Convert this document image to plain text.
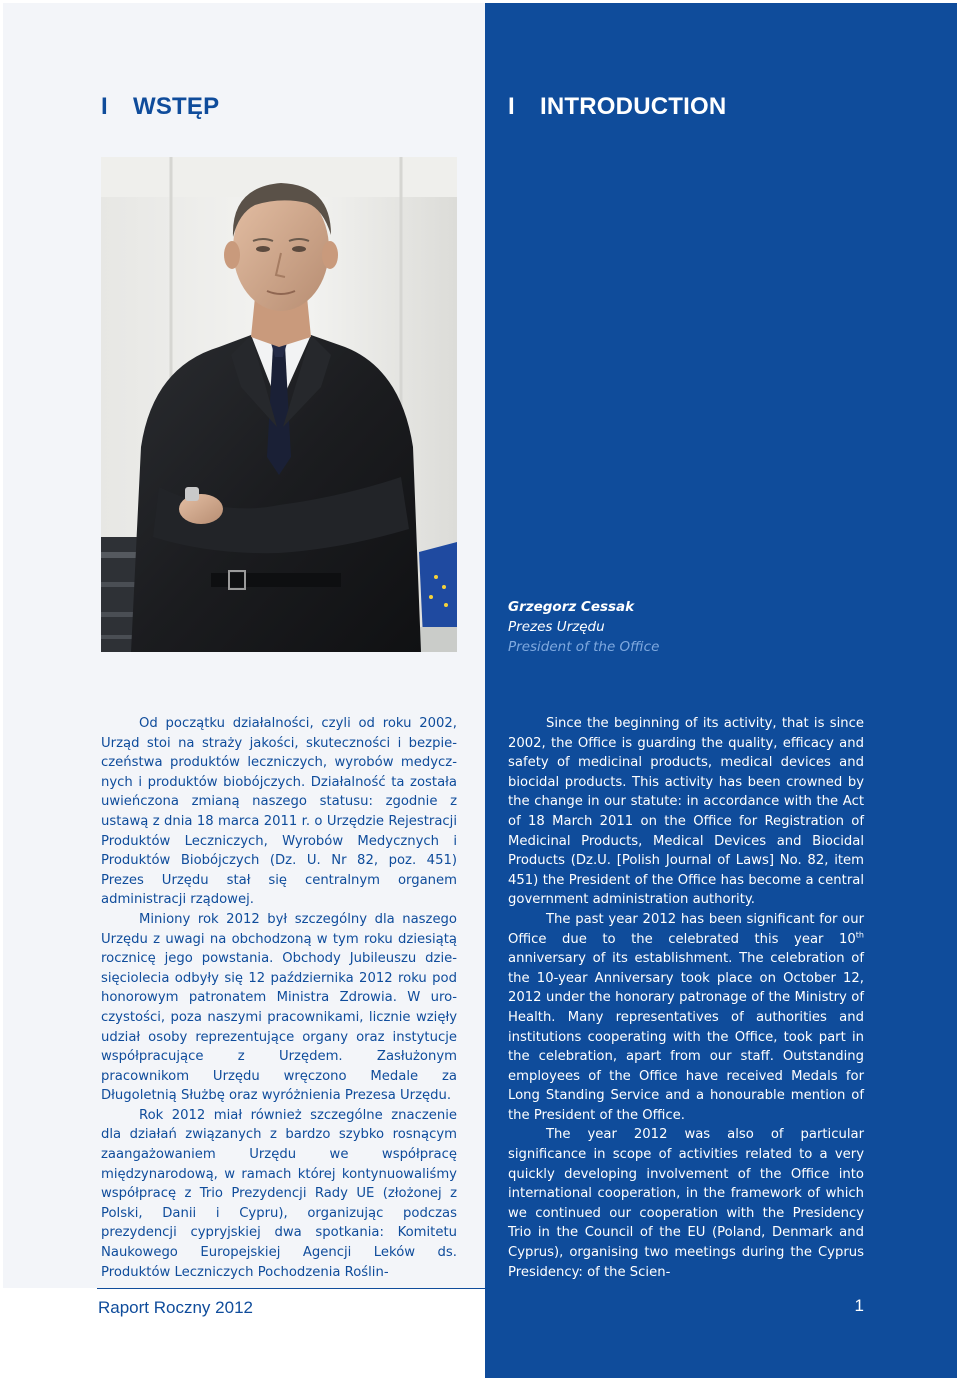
I WSTĘP	I INTRODUCTION
Grzegorz Cessak
Prezes Urzędu
President of the Office

Od początku działalności, czyli od roku 2002, Urząd stoi na straży jakości, skuteczności i bezpieczeństwa produktów leczniczych, wyrobów medycznych i produktów biobójczych. Działalność ta została uwieńczona zmianą naszego statusu: zgodnie z ustawą z dnia 18 marca 2011 r. o Urzędzie Rejestracji Produktów Leczniczych, Wyrobów Medycznych i Produktów Biobójczych (Dz. U. Nr 82, poz. 451) Prezes Urzędu stał się centralnym organem administracji rządowej.

Miniony rok 2012 był szczególny dla naszego Urzędu z uwagi na obchodzoną w tym roku dziesiątą rocznicę jego powstania. Obchody Jubileuszu dziesięciolecia odbyły się 12 października 2012 roku pod honorowym patronatem Ministra Zdrowia. W uroczystości, poza naszymi pracownikami, licznie wzięły udział osoby reprezentujące organy oraz instytucje współpracujące z Urzędem. Zasłużonym pracownikom Urzędu wręczono Medale za Długoletnią Służbę oraz wyróżnienia Prezesa Urzędu.

Rok 2012 miał również szczególne znaczenie dla działań związanych z bardzo szybko rosnącym zaangażowaniem Urzędu we współpracę międzynarodową, w ramach której kontynuowaliśmy współpracę z Trio Prezydencji Rady UE (złożonej z Polski, Danii i Cypru), organizując podczas prezydencji cypryjskiej dwa spotkania: Komitetu Naukowego Europejskiej Agencji Leków ds. Produktów Leczniczych Pochodzenia Roślin-

Since the beginning of its activity, that is since 2002, the Office is guarding the quality, efficacy and safety of medicinal products, medical devices and biocidal products. This activity has been crowned by the change in our statute: in accordance with the Act of 18 March 2011 on the Office for Registration of Medicinal Products, Medical Devices and Biocidal Products (Dz.U. [Polish Journal of Laws] No. 82, item 451) the President of the Office has become a central government administration authority.

The past year 2012 has been significant for our Office due to the celebrated this year 10th anniversary of its establishment. The celebration of the 10-year Anniversary took place on October 12, 2012 under the honorary patronage of the Ministry of Health. Many representatives of authorities and institutions cooperating with the Office, took part in the celebration, apart from our staff. Outstanding employees of the Office have received Medals for Long Standing Service and a honourable mention of the President of the Office.

The year 2012 was also of particular significance in scope of activities related to a very quickly developing involvement of the Office into international cooperation, in the framework of which we continued our cooperation with the Presidency Trio in the Council of the EU (Poland, Denmark and Cyprus), organising two meetings during the Cyprus Presidency: of the Scien-

Raport Roczny 2012	1
